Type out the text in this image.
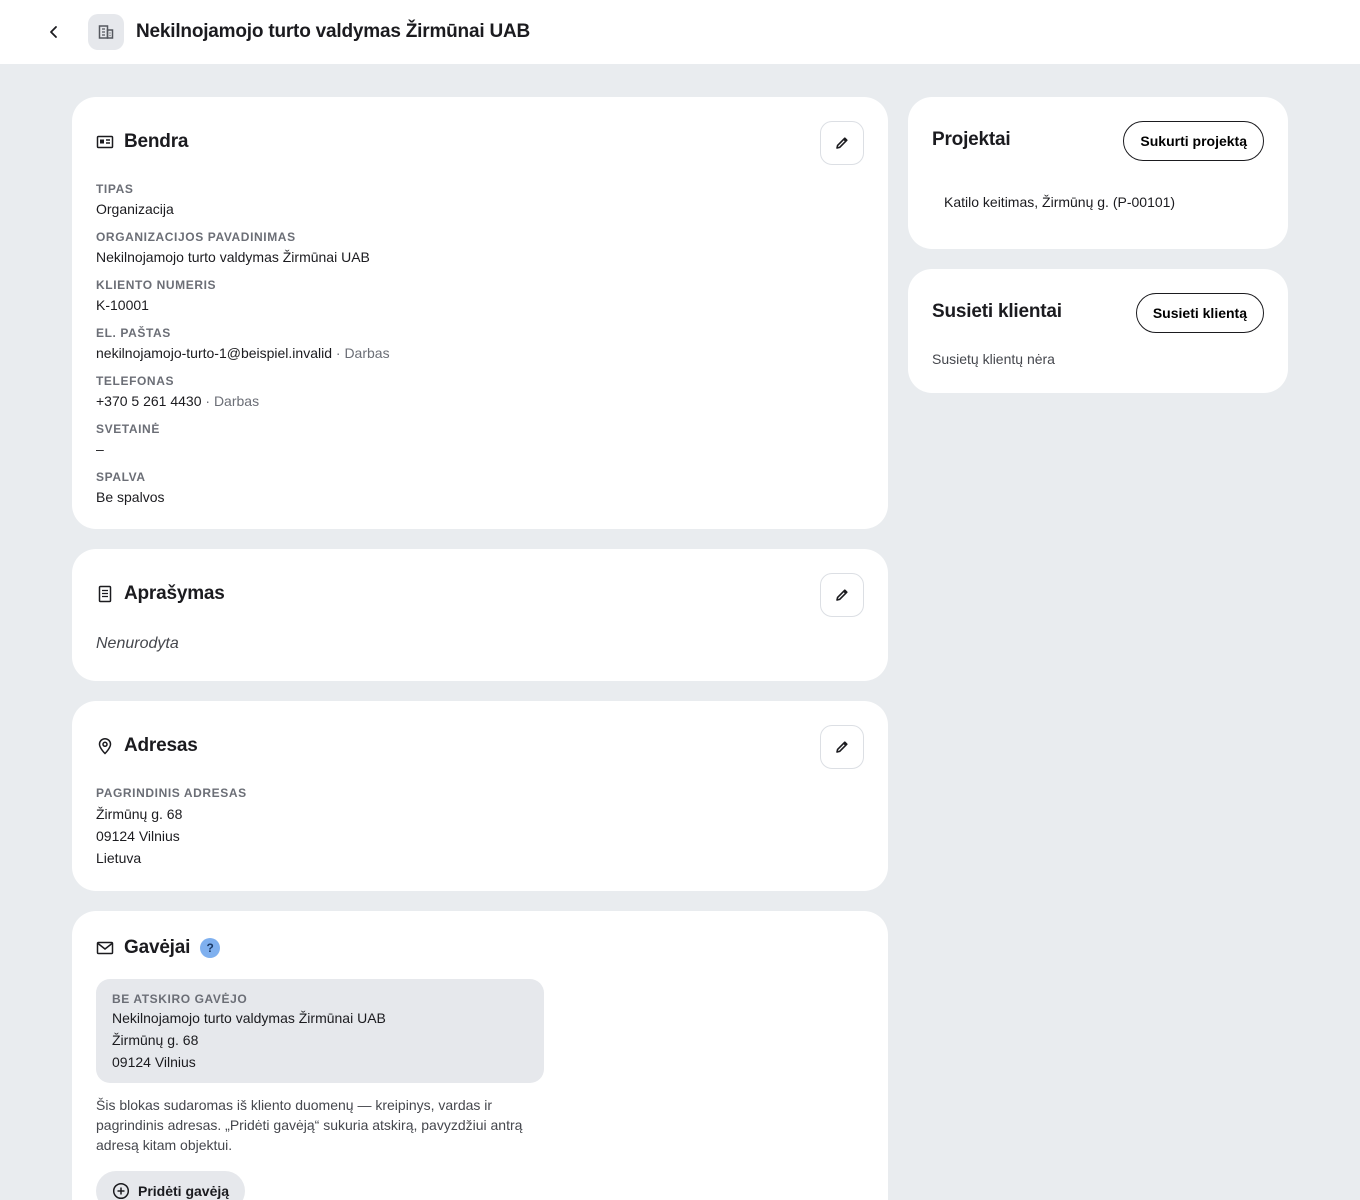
Nekilnojamojo turto valdymas Žirmūnai UAB
Bendra
TIPAS
Organizacija
ORGANIZACIJOS PAVADINIMAS
Nekilnojamojo turto valdymas Žirmūnai UAB
KLIENTO NUMERIS
K-10001
EL. PAŠTAS
nekilnojamojo-turto-1@beispiel.invalid · Darbas
TELEFONAS
+370 5 261 4430 · Darbas
SVETAINĖ
–
SPALVA
Be spalvos
Aprašymas
Nenurodyta
Adresas
PAGRINDINIS ADRESAS
Žirmūnų g. 68
09124 Vilnius
Lietuva
Gavėjai	?
BE ATSKIRO GAVĖJO
Nekilnojamojo turto valdymas Žirmūnai UAB
Žirmūnų g. 68
09124 Vilnius
Šis blokas sudaromas iš kliento duomenų — kreipinys, vardas ir pagrindinis adresas. „Pridėti gavėją“ sukuria atskirą, pavyzdžiui antrą adresą kitam objektui.
Pridėti gavėją
Projektai	Sukurti projektą
Katilo keitimas, Žirmūnų g. (P-00101)
Susieti klientai	Susieti klientą
Susietų klientų nėra
